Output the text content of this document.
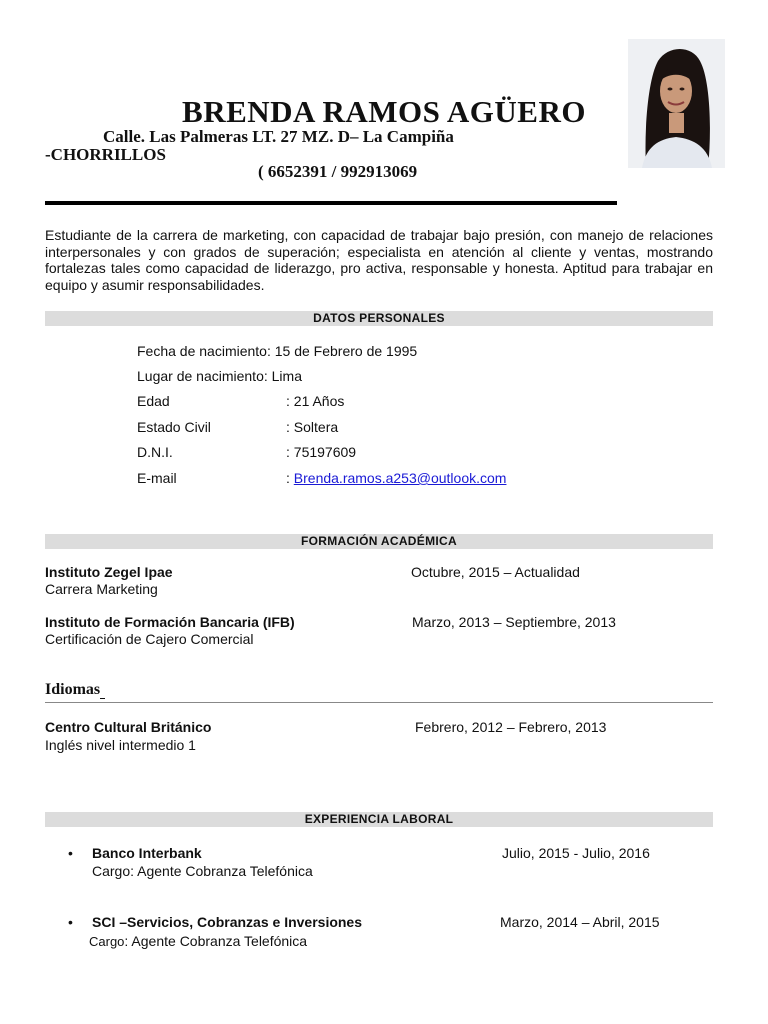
BRENDA RAMOS AGÜERO
Calle. Las Palmeras LT. 27 MZ. D– La Campiña
-CHORRILLOS
( 6652391 / 992913069
Estudiante de la carrera de marketing, con capacidad de trabajar bajo presión, con manejo de relaciones interpersonales y con grados de superación; especialista en atención al cliente y ventas, mostrando fortalezas tales como capacidad de liderazgo, pro activa, responsable y honesta. Aptitud para trabajar en equipo y asumir responsabilidades.
DATOS PERSONALES
Fecha de nacimiento: 15 de Febrero de 1995
Lugar de nacimiento: Lima
Edad	: 21 Años
Estado Civil	: Soltera
D.N.I.	: 75197609
E-mail	: Brenda.ramos.a253@outlook.com
FORMACIÓN ACADÉMICA
Instituto Zegel Ipae	Octubre, 2015 – Actualidad
Carrera Marketing
Instituto de Formación Bancaria (IFB)	Marzo, 2013 – Septiembre, 2013
Certificación de Cajero Comercial
Idiomas
Centro Cultural Británico	Febrero, 2012 – Febrero, 2013
Inglés nivel intermedio 1
EXPERIENCIA LABORAL
• Banco Interbank	Julio, 2015 - Julio, 2016
Cargo: Agente Cobranza Telefónica
• SCI –Servicios, Cobranzas e Inversiones	Marzo, 2014 – Abril, 2015
Cargo: Agente Cobranza Telefónica
